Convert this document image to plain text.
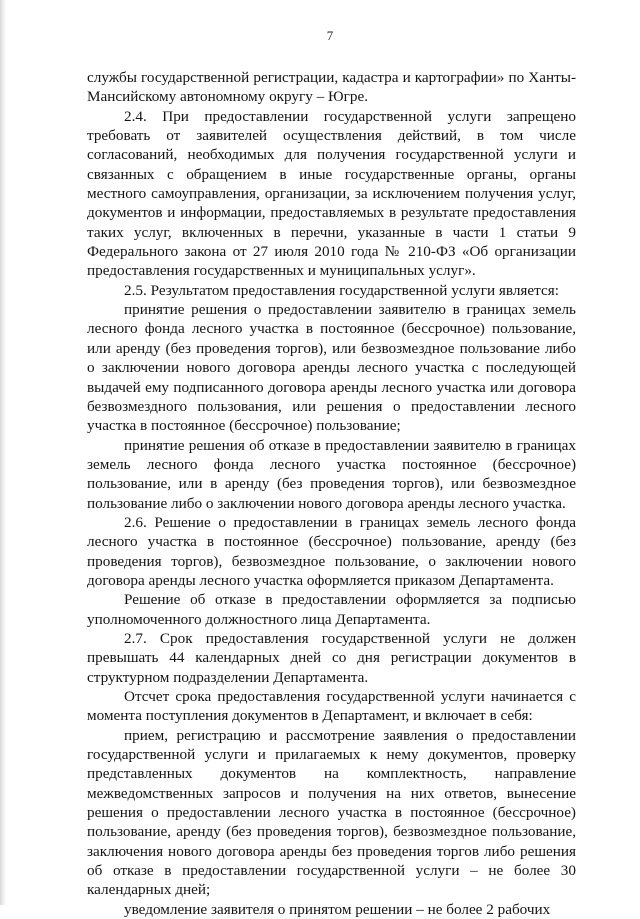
7

службы государственной регистрации, кадастра и картографии» по Ханты-Мансийскому автономному округу – Югре.

2.4. При предоставлении государственной услуги запрещено требовать от заявителей осуществления действий, в том числе согласований, необходимых для получения государственной услуги и связанных с обращением в иные государственные органы, органы местного самоуправления, организации, за исключением получения услуг, документов и информации, предоставляемых в результате предоставления таких услуг, включенных в перечни, указанные в части 1 статьи 9 Федерального закона от 27 июля 2010 года № 210-ФЗ «Об организации предоставления государственных и муниципальных услуг».

2.5. Результатом предоставления государственной услуги является:

принятие решения о предоставлении заявителю в границах земель лесного фонда лесного участка в постоянное (бессрочное) пользование, или аренду (без проведения торгов), или безвозмездное пользование либо о заключении нового договора аренды лесного участка с последующей выдачей ему подписанного договора аренды лесного участка или договора безвозмездного пользования, или решения о предоставлении лесного участка в постоянное (бессрочное) пользование;

принятие решения об отказе в предоставлении заявителю в границах земель лесного фонда лесного участка постоянное (бессрочное) пользование, или в аренду (без проведения торгов), или безвозмездное пользование либо о заключении нового договора аренды лесного участка.

2.6. Решение о предоставлении в границах земель лесного фонда лесного участка в постоянное (бессрочное) пользование, аренду (без проведения торгов), безвозмездное пользование, о заключении нового договора аренды лесного участка оформляется приказом Департамента.

Решение об отказе в предоставлении оформляется за подписью уполномоченного должностного лица Департамента.

2.7. Срок предоставления государственной услуги не должен превышать 44 календарных дней со дня регистрации документов в структурном подразделении Департамента.

Отсчет срока предоставления государственной услуги начинается с момента поступления документов в Департамент, и включает в себя:

прием, регистрацию и рассмотрение заявления о предоставлении государственной услуги и прилагаемых к нему документов, проверку представленных документов на комплектность, направление межведомственных запросов и получения на них ответов, вынесение решения о предоставлении лесного участка в постоянное (бессрочное) пользование, аренду (без проведения торгов), безвозмездное пользование, заключения нового договора аренды без проведения торгов либо решения об отказе в предоставлении государственной услуги – не более 30 календарных дней;

уведомление заявителя о принятом решении – не более 2 рабочих
